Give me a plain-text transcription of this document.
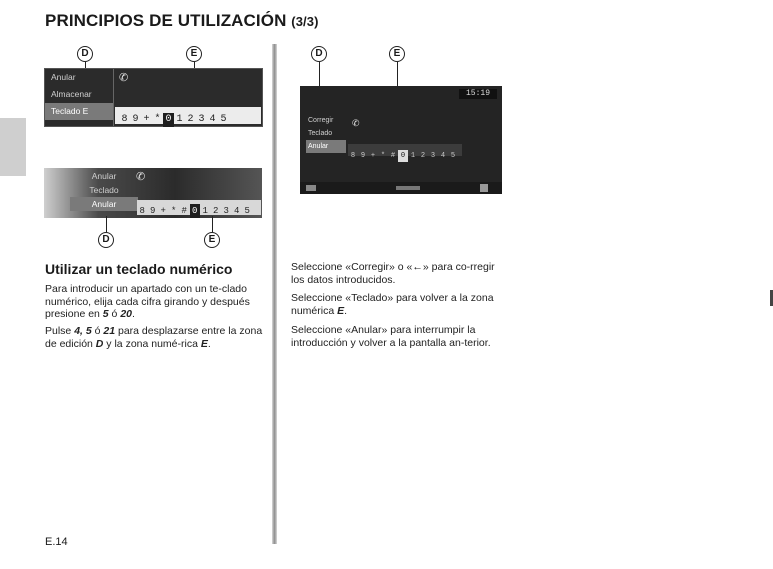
PRINCIPIOS DE UTILIZACIÓN (3/3)
D	E
Anular
Almacenar
Teclado E
✆
8 9 + * 0 1 2 3 4 5
Anular
Teclado
Anular
✆
8 9 + * # 0 1 2 3 4 5
D	E
D	E
15:19
Corregir
Teclado
Anular
✆
8 9 + * # 0 1 2 3 4 5
Utilizar un teclado numérico
Para introducir un apartado con un te-clado numérico, elija cada cifra girando y después presione en 5 ó 20.
Pulse 4, 5 ó 21 para desplazarse entre la zona de edición D y la zona numé-rica E.
Seleccione «Corregir» o «←» para co-rregir los datos introducidos.
Seleccione «Teclado» para volver a la zona numérica E.
Seleccione «Anular» para interrumpir la introducción y volver a la pantalla an-terior.
E.14
